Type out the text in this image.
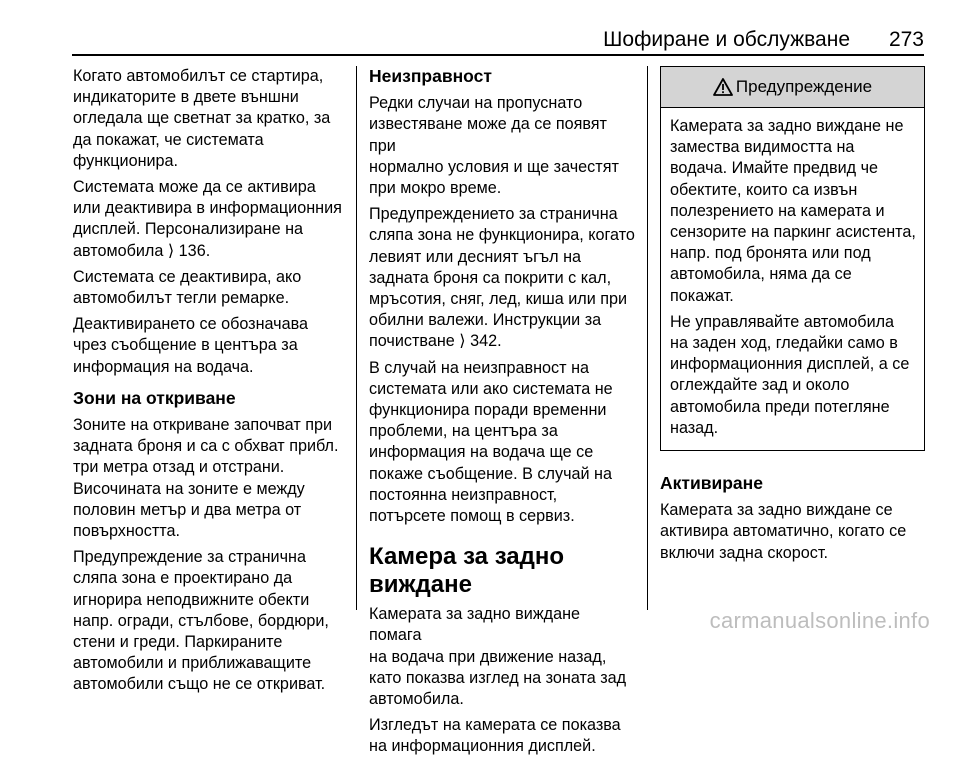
Шофиране и обслужване 273

Когато автомобилът се стартира,
индикаторите в двете външни
огледала ще светнат за кратко, за
да покажат, че системата
функционира.

Системата може да се активира
или деактивира в информационния
дисплей. Персонализиране на
автомобила ⟩ 136.

Системата се деактивира, ако
автомобилът тегли ремарке.

Деактивирането се обозначава
чрез съобщение в центъра за
информация на водача.

Зони на откриване

Зоните на откриване започват при
задната броня и са с обхват прибл.
три метра отзад и отстрани.
Височината на зоните е между
половин метър и два метра от
повърхността.

Предупреждение за странична
сляпа зона е проектирано да
игнорира неподвижните обекти
напр. огради, стълбове, бордюри,
стени и греди. Паркираните
автомобили и приближаващите
автомобили също не се откриват.

Неизправност

Редки случаи на пропуснато
известяване може да се появят при
нормално условия и ще зачестят
при мокро време.

Предупреждението за странична
сляпа зона не функционира, когато
левият или десният ъгъл на
задната броня са покрити с кал,
мръсотия, сняг, лед, киша или при
обилни валежи. Инструкции за
почистване ⟩ 342.

В случай на неизправност на
системата или ако системата не
функционира поради временни
проблеми, на центъра за
информация на водача ще се
покаже съобщение. В случай на
постоянна неизправност,
потърсете помощ в сервиз.

Камера за задно виждане

Камерата за задно виждане помага
на водача при движение назад,
като показва изглед на зоната зад
автомобила.

Изгледът на камерата се показва
на информационния дисплей.

Предупреждение

Камерата за задно виждане не
замества видимостта на
водача. Имайте предвид че
обектите, които са извън
полезрението на камерата и
сензорите на паркинг асистента,
напр. под бронята или под
автомобила, няма да се
покажат.

Не управлявайте автомобила
на заден ход, гледайки само в
информационния дисплей, а се
оглеждайте зад и около
автомобила преди потегляне
назад.

Активиране

Камерата за задно виждане се
активира автоматично, когато се
включи задна скорост.

carmanualsonline.info
